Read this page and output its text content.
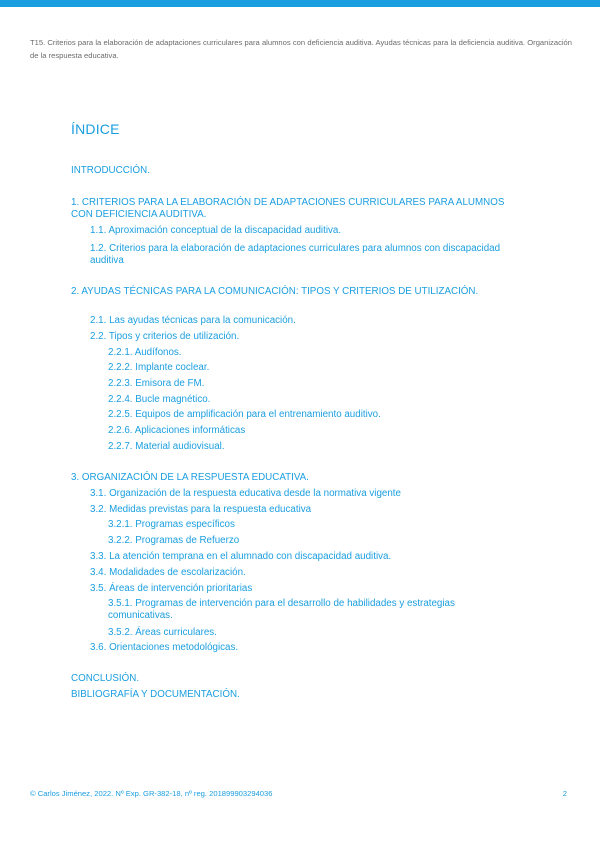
T15. Criterios para la elaboración de adaptaciones curriculares para alumnos con deficiencia auditiva. Ayudas técnicas para la deficiencia auditiva. Organización de la respuesta educativa.
ÍNDICE
INTRODUCCIÓN.
1. CRITERIOS PARA LA ELABORACIÓN DE ADAPTACIONES CURRICULARES PARA ALUMNOS CON DEFICIENCIA AUDITIVA.
1.1. Aproximación conceptual de la discapacidad auditiva.
1.2. Criterios para la elaboración de adaptaciones curriculares para alumnos con discapacidad auditiva
2. AYUDAS TÉCNICAS PARA LA COMUNICACIÓN: TIPOS Y CRITERIOS DE UTILIZACIÓN.
2.1. Las ayudas técnicas para la comunicación.
2.2. Tipos y criterios de utilización.
2.2.1. Audífonos.
2.2.2. Implante coclear.
2.2.3. Emisora de FM.
2.2.4. Bucle magnético.
2.2.5. Equipos de amplificación para el entrenamiento auditivo.
2.2.6. Aplicaciones informáticas
2.2.7. Material audiovisual.
3. ORGANIZACIÓN DE LA RESPUESTA EDUCATIVA.
3.1. Organización de la respuesta educativa desde la normativa vigente
3.2. Medidas previstas para la respuesta educativa
3.2.1. Programas específicos
3.2.2. Programas de Refuerzo
3.3. La atención temprana en el alumnado con discapacidad auditiva.
3.4. Modalidades de escolarización.
3.5. Áreas de intervención prioritarias
3.5.1. Programas de intervención para el desarrollo de habilidades y estrategias comunicativas.
3.5.2. Áreas curriculares.
3.6. Orientaciones metodológicas.
CONCLUSIÓN.
BIBLIOGRAFÍA Y DOCUMENTACIÓN.
© Carlos Jiménez, 2022. Nº Exp. GR-382-18, nº reg. 201899903294036	2
